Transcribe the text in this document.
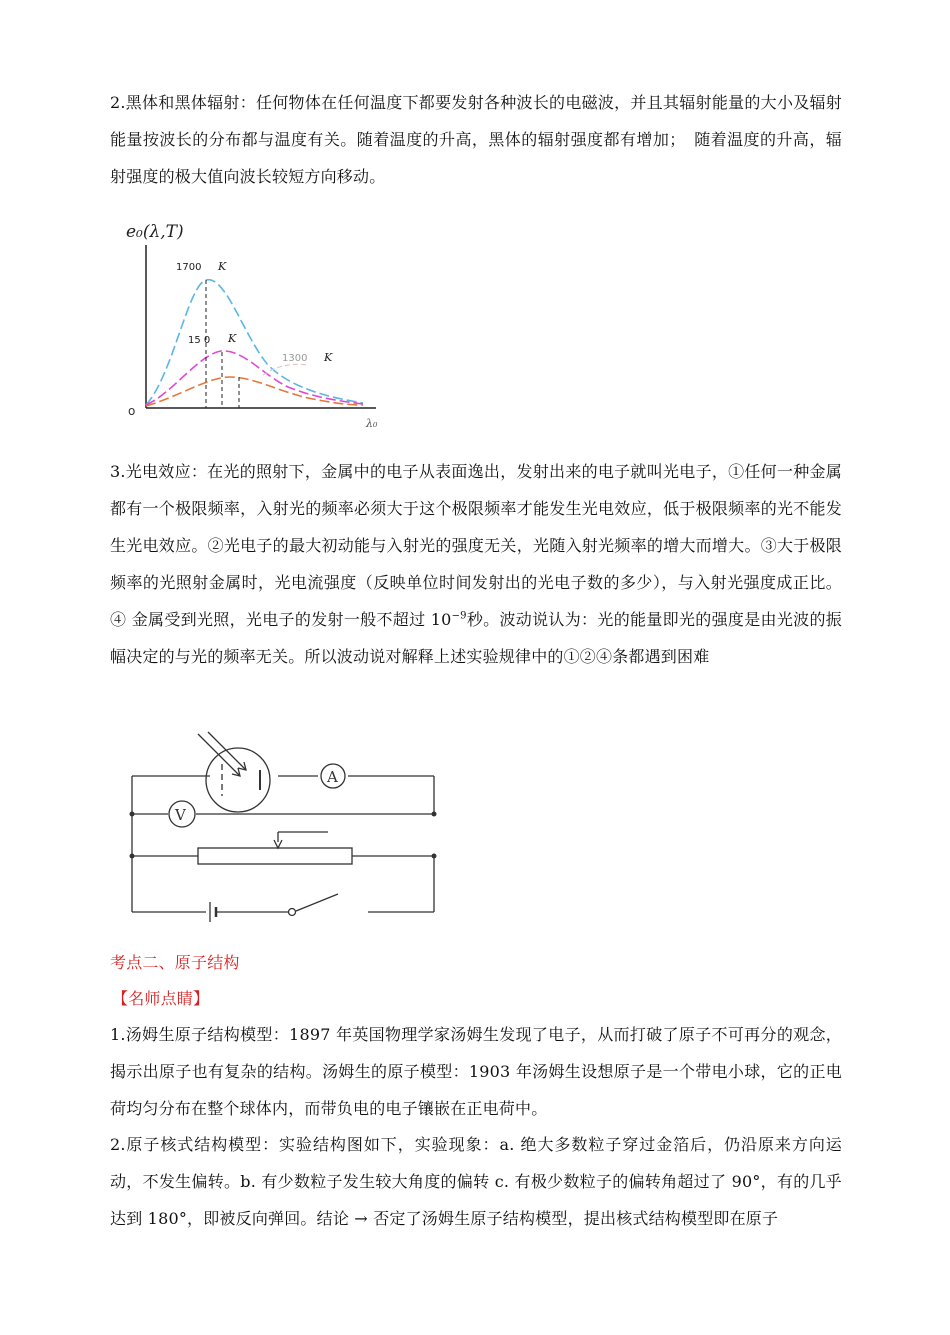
2.黑体和黑体辐射：任何物体在任何温度下都要发射各种波长的电磁波，并且其辐射能量的大小及辐射能量按波长的分布都与温度有关。随着温度的升高，黑体的辐射强度都有增加；　随着温度的升高，辐射强度的极大值向波长较短方向移动。

e₀(λ,T)
o
λ₀
1700 K
15 0 K
1300 K

3.光电效应：在光的照射下，金属中的电子从表面逸出，发射出来的电子就叫光电子，①任何一种金属都有一个极限频率，入射光的频率必须大于这个极限频率才能发生光电效应，低于极限频率的光不能发生光电效应。②光电子的最大初动能与入射光的强度无关，光随入射光频率的增大而增大。③大于极限频率的光照射金属时，光电流强度（反映单位时间发射出的光电子数的多少），与入射光强度成正比。④ 金属受到光照，光电子的发射一般不超过 $10^{-9}$秒。波动说认为：光的能量即光的强度是由光波的振幅决定的与光的频率无关。所以波动说对解释上述实验规律中的①②④条都遇到困难

A
V

考点二、原子结构

【名师点睛】

1.汤姆生原子结构模型：1897 年英国物理学家汤姆生发现了电子，从而打破了原子不可再分的观念，揭示出原子也有复杂的结构。汤姆生的原子模型：1903 年汤姆生设想原子是一个带电小球，它的正电荷均匀分布在整个球体内，而带负电的电子镶嵌在正电荷中。

2.原子核式结构模型：实验结构图如下，实验现象：a. 绝大多数粒子穿过金箔后，仍沿原来方向运动，不发生偏转。b. 有少数粒子发生较大角度的偏转 c. 有极少数粒子的偏转角超过了 90°，有的几乎达到 180°，即被反向弹回。结论 → 否定了汤姆生原子结构模型，提出核式结构模型即在原子
